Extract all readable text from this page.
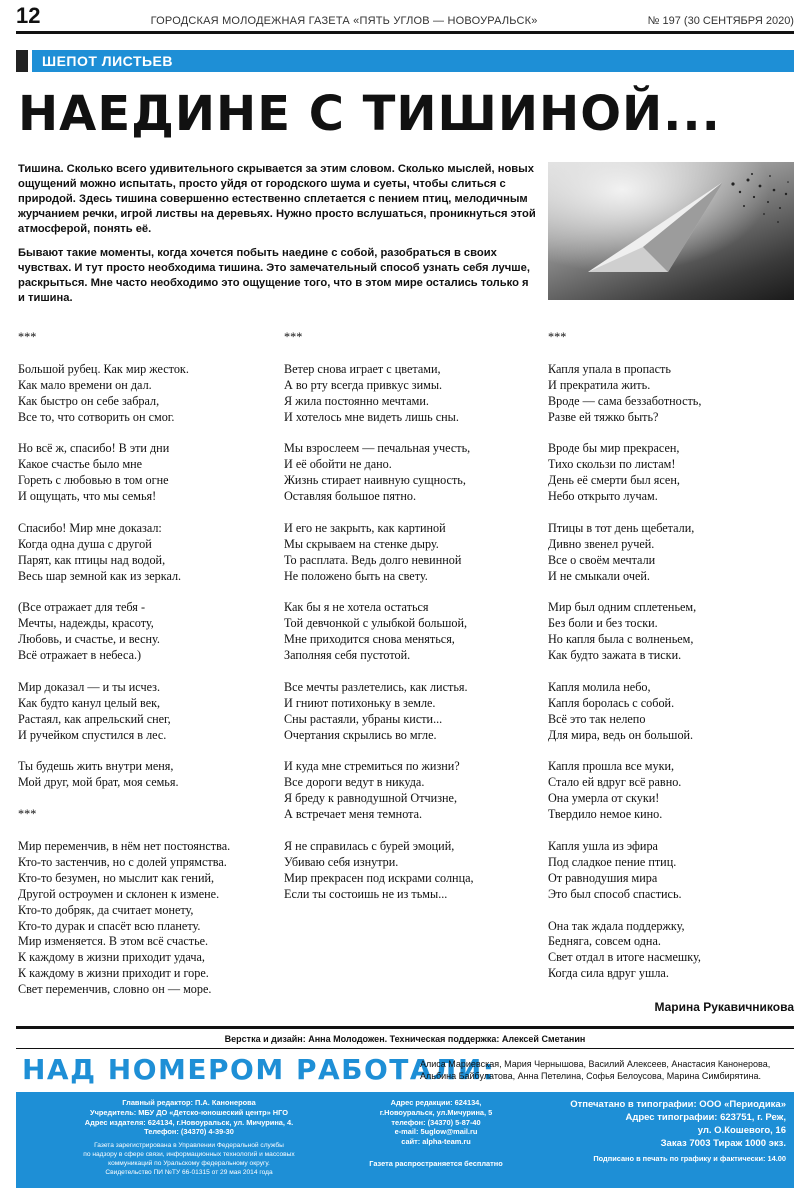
12	ГОРОДСКАЯ МОЛОДЕЖНАЯ ГАЗЕТА «ПЯТЬ УГЛОВ — НОВОУРАЛЬСК»	№ 197 (30 СЕНТЯБРЯ 2020)
ШЕПОТ ЛИСТЬЕВ
НАЕДИНЕ С ТИШИНОЙ...

Тишина. Сколько всего удивительного скрывается за этим словом. Сколько мыслей, новых ощущений можно испытать, просто уйдя от городского шума и суеты, чтобы слиться с природой. Здесь тишина совершенно естественно сплетается с пением птиц, мелодичным журчанием речки, игрой листвы на деревьях. Нужно просто вслушаться, проникнуться этой атмосферой, понять её.

Бывают такие моменты, когда хочется побыть наедине с собой, разобраться в своих чувствах. И тут просто необходима тишина. Это замечательный способ узнать себя лучше, раскрыться. Мне часто необходимо это ощущение того, что в этом мире остались только я и тишина.

***

Большой рубец. Как мир жесток.
Как мало времени он дал.
Как быстро он себе забрал,
Все то, что сотворить он смог.

Но всё ж, спасибо! В эти дни
Какое счастье было мне
Гореть с любовью в том огне
И ощущать, что мы семья!

Спасибо! Мир мне доказал:
Когда одна душа с другой
Парят, как птицы над водой,
Весь шар земной как из зеркал.

(Все отражает для тебя -
Мечты, надежды, красоту,
Любовь, и счастье, и весну.
Всё отражает в небеса.)

Мир доказал — и ты исчез.
Как будто канул целый век,
Растаял, как апрельский снег,
И ручейком спустился в лес.

Ты будешь жить внутри меня,
Мой друг, мой брат, моя семья.

***

Мир переменчив, в нём нет постоянства.
Кто-то застенчив, но с долей упрямства.
Кто-то безумен, но мыслит как гений,
Другой остроумен и склонен к измене.
Кто-то добряк, да считает монету,
Кто-то дурак и спасёт всю планету.
Мир изменяется. В этом всё счастье.
К каждому в жизни приходит удача,
К каждому в жизни приходит и горе.
Свет переменчив, словно он — море.
***

Ветер снова играет с цветами,
А во рту всегда привкус зимы.
Я жила постоянно мечтами.
И хотелось мне видеть лишь сны.

Мы взрослеем — печальная учесть,
И её обойти не дано.
Жизнь стирает наивную сущность,
Оставляя большое пятно.

И его не закрыть, как картиной
Мы скрываем на стенке дыру.
То расплата. Ведь долго невинной
Не положено быть на свету.

Как бы я не хотела остаться
Той девчонкой с улыбкой большой,
Мне приходится снова меняться,
Заполняя себя пустотой.

Все мечты разлетелись, как листья.
И гниют потихоньку в земле.
Сны растаяли, убраны кисти...
Очертания скрылись во мгле.

И куда мне стремиться по жизни?
Все дороги ведут в никуда.
Я бреду к равнодушной Отчизне,
А встречает меня темнота.

Я не справилась с бурей эмоций,
Убиваю себя изнутри.
Мир прекрасен под искрами солнца,
Если ты состоишь не из тьмы...
***

Капля упала в пропасть
И прекратила жить.
Вроде — сама беззаботность,
Разве ей тяжко быть?

Вроде бы мир прекрасен,
Тихо скользи по листам!
День её смерти был ясен,
Небо открыто лучам.

Птицы в тот день щебетали,
Дивно звенел ручей.
Все о своём мечтали
И не смыкали очей.

Мир был одним сплетеньем,
Без боли и без тоски.
Но капля была с волненьем,
Как будто зажата в тиски.

Капля молила небо,
Капля боролась с собой.
Всё это так нелепо
Для мира, ведь он большой.

Капля прошла все муки,
Стало ей вдруг всё равно.
Она умерла от скуки!
Твердило немое кино.

Капля ушла из эфира
Под сладкое пение птиц.
От равнодушия мира
Это был способ спастись.

Она так ждала поддержку,
Бедняга, совсем одна.
Свет отдал в итоге насмешку,
Когда сила вдруг ушла.
Марина Рукавичникова
Верстка и дизайн: Анна Молодожен. Техническая поддержка: Алексей Сметанин
НАД НОМЕРОМ РАБОТАЛИ:
Алиса Мариевская, Мария Чернышова, Василий Алексеев, Анастасия Канонерова,
Альбина Байбулатова, Анна Петелина, Софья Белоусова, Марина Симбирятина.
Главный редактор: П.А. Канонерова
Учредитель: МБУ ДО «Детско-юношеский центр» НГО
Адрес издателя: 624134, г.Новоуральск, ул. Мичурина, 4.
Телефон: (34370) 4-39-30
Газета зарегистрирована в Управлении Федеральной службы
по надзору в сфере связи, информационных технологий и массовых
коммуникаций по Уральскому федеральному округу.
Свидетельство ПИ №ТУ 66-01315 от 29 мая 2014 года
Адрес редакции: 624134,
г.Новоуральск, ул.Мичурина, 5
телефон: (34370) 5-87-40
e-mail: 5uglow@mail.ru
сайт: alpha-team.ru
Газета распространяется бесплатно
Отпечатано в типографии: ООО «Периодика»
Адрес типографии: 623751, г. Реж,
ул. О.Кошевого, 16
Заказ 7003 Тираж 1000 экз.
Подписано в печать по графику и фактически: 14.00
